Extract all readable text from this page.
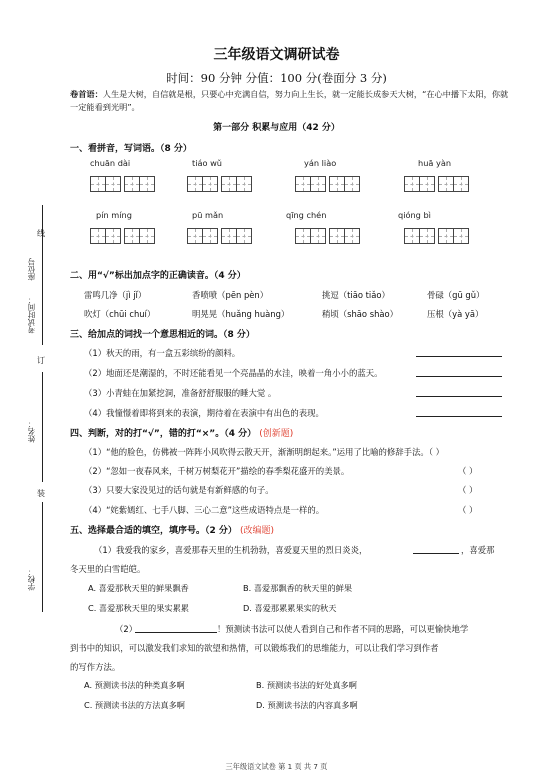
三年级语文调研试卷
时间：90 分钟 分值：100 分(卷面分 3 分)
卷首语：人生是大树，自信就是根，只要心中充满自信，努力向上生长，就一定能长成参天大树，“在心中播下太阳，你就一定能看到光明”。
第一部分 积累与应用（42 分）
一、看拼音，写词语。（8 分）
chuān dài	tiáo wǔ	yán liào	huā yàn
pín míng	pū mǎn	qīng chén	qióng bì
二、用“√”标出加点字的正确读音。（4 分）
雷鸣几净（jì jǐ）	香喷喷（pēn pèn）	挑逗（tiāo tiǎo）	骨碌（gū gǔ）
吹灯（chūi chuí）	明晃晃（huǎng huàng）	稍顷（shāo shào）	压根（yà yā）
三、给加点的词找一个意思相近的词。（8 分）
（1）秋天的雨，有一盒五彩缤纷的颜料。
（2）地面还是潮湿的，不时还能看见一个亮晶晶的水洼，映着一角小小的蓝天。
（3）小青蛙在加紧挖洞，准备舒舒服服的睡大觉 。
（4）我憧憬着即将到来的表演，期待着在表演中有出色的表现。
四、判断，对的打“√”，错的打“×”。（4 分） (创新题)
（1）“他的脸色，仿佛被一阵阵小风吹得云散天开，渐渐明朗起来。”运用了比喻的修辞手法。（ ）
（2）“忽如一夜春风来，千树万树梨花开”描绘的春季梨花盛开的美景。	（ ）
（3）只要大家没见过的话句就是有新鲜感的句子。	（ ）
（4）“姹紫嫣红、七手八脚、三心二意”这些成语特点是一样的。	（ ）
五、选择最合适的填空，填序号。（2 分） (改编题)
（1）我爱我的家乡，喜爱那春天里的生机勃勃，喜爱夏天里的烈日炎炎，	，喜爱那
冬天里的白雪皑皑。
A. 喜爱那秋天里的鲜果飘香	B. 喜爱那飘香的秋天里的鲜果
C. 喜爱那秋天里的果实累累	D. 喜爱那累累果实的秋天
（2）	！预测读书法可以使人看到自己和作者不同的思路，可以更愉快地学
到书中的知识，可以激发我们求知的欲望和热情，可以锻炼我们的思维能力，可以让我们学习到作者
的写作方法。
A. 预测读书法的种类真多啊	B. 预测读书法的好处真多啊
C. 预测读书法的方法真多啊	D. 预测读书法的内容真多啊
线
订
装
座位号
考试时间：
姓名：
学校：
三年级语文试卷 第 1 页 共 7 页
